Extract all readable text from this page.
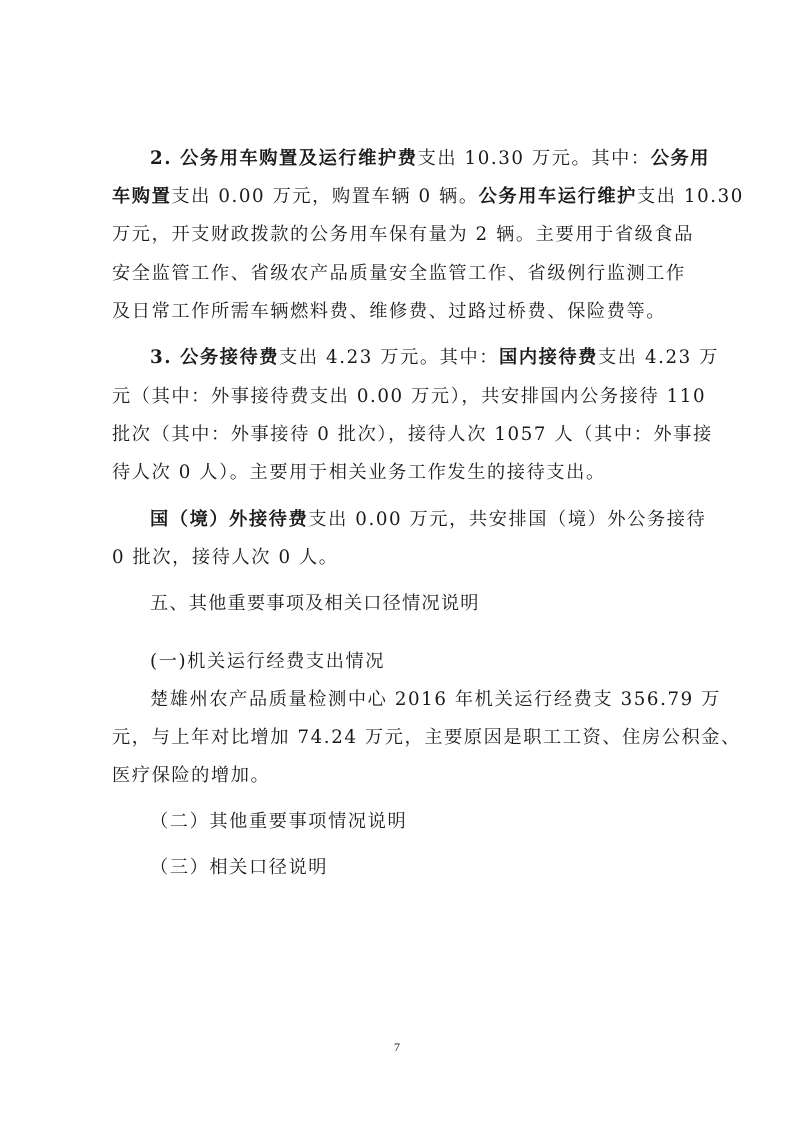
2. 公务用车购置及运行维护费支出 10.30 万元。其中：公务用
车购置支出 0.00 万元，购置车辆 0 辆。公务用车运行维护支出 10.30
万元，开支财政拨款的公务用车保有量为 2 辆。主要用于省级食品
安全监管工作、省级农产品质量安全监管工作、省级例行监测工作
及日常工作所需车辆燃料费、维修费、过路过桥费、保险费等。
3. 公务接待费支出 4.23 万元。其中：国内接待费支出 4.23 万
元（其中：外事接待费支出 0.00 万元），共安排国内公务接待 110
批次（其中：外事接待 0 批次），接待人次 1057 人（其中：外事接
待人次 0 人）。主要用于相关业务工作发生的接待支出。
国（境）外接待费支出 0.00 万元，共安排国（境）外公务接待
0 批次，接待人次 0 人。
五、其他重要事项及相关口径情况说明
(一)机关运行经费支出情况
楚雄州农产品质量检测中心 2016 年机关运行经费支 356.79 万
元，与上年对比增加 74.24 万元，主要原因是职工工资、住房公积金、
医疗保险的增加。
（二）其他重要事项情况说明
（三）相关口径说明
7
